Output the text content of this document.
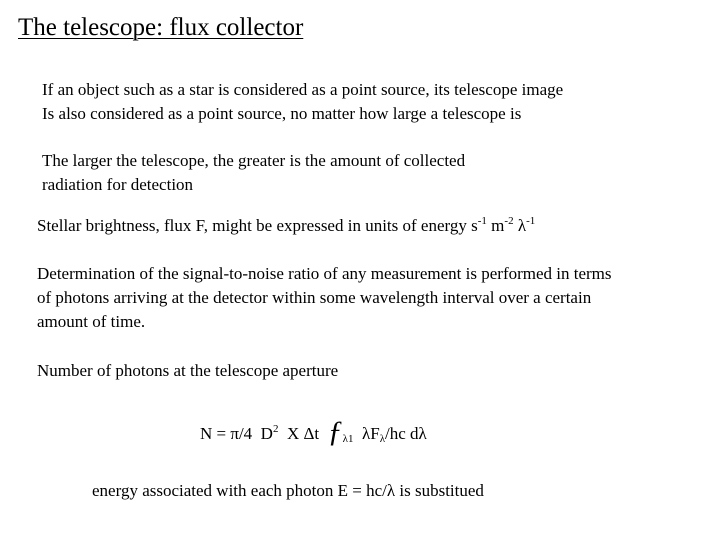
The telescope: flux collector
If an object such as a star is considered as a point source, its telescope image
Is also considered as a point source, no matter how large a telescope is
The larger the telescope, the greater is the amount of collected
radiation for detection
Stellar brightness, flux F, might be expressed in units of energy $s^{-1}$ $m^{-2}$ $\lambda^{-1}$
Determination of the signal-to-noise ratio of any measurement is performed in terms
of photons arriving at the detector within some wavelength interval over a certain
amount of time.
Number of photons at the telescope aperture
N = π/4  $D^2$  X Δt  $ƒ_{\lambda 1}$  $\lambda F_\lambda/hc$ dλ
energy associated with each photon E = hc/λ is substitued
